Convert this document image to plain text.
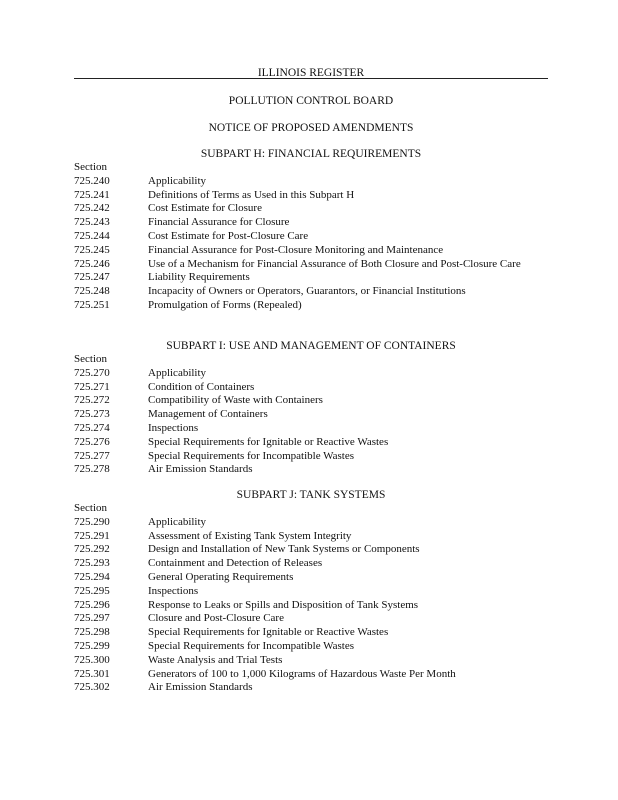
ILLINOIS REGISTER
POLLUTION CONTROL BOARD
NOTICE OF PROPOSED AMENDMENTS
SUBPART H: FINANCIAL REQUIREMENTS
Section
725.240	Applicability
725.241	Definitions of Terms as Used in this Subpart H
725.242	Cost Estimate for Closure
725.243	Financial Assurance for Closure
725.244	Cost Estimate for Post-Closure Care
725.245	Financial Assurance for Post-Closure Monitoring and Maintenance
725.246	Use of a Mechanism for Financial Assurance of Both Closure and Post-Closure Care
725.247	Liability Requirements
725.248	Incapacity of Owners or Operators, Guarantors, or Financial Institutions
725.251	Promulgation of Forms (Repealed)
SUBPART I: USE AND MANAGEMENT OF CONTAINERS
Section
725.270	Applicability
725.271	Condition of Containers
725.272	Compatibility of Waste with Containers
725.273	Management of Containers
725.274	Inspections
725.276	Special Requirements for Ignitable or Reactive Wastes
725.277	Special Requirements for Incompatible Wastes
725.278	Air Emission Standards
SUBPART J: TANK SYSTEMS
Section
725.290	Applicability
725.291	Assessment of Existing Tank System Integrity
725.292	Design and Installation of New Tank Systems or Components
725.293	Containment and Detection of Releases
725.294	General Operating Requirements
725.295	Inspections
725.296	Response to Leaks or Spills and Disposition of Tank Systems
725.297	Closure and Post-Closure Care
725.298	Special Requirements for Ignitable or Reactive Wastes
725.299	Special Requirements for Incompatible Wastes
725.300	Waste Analysis and Trial Tests
725.301	Generators of 100 to 1,000 Kilograms of Hazardous Waste Per Month
725.302	Air Emission Standards
